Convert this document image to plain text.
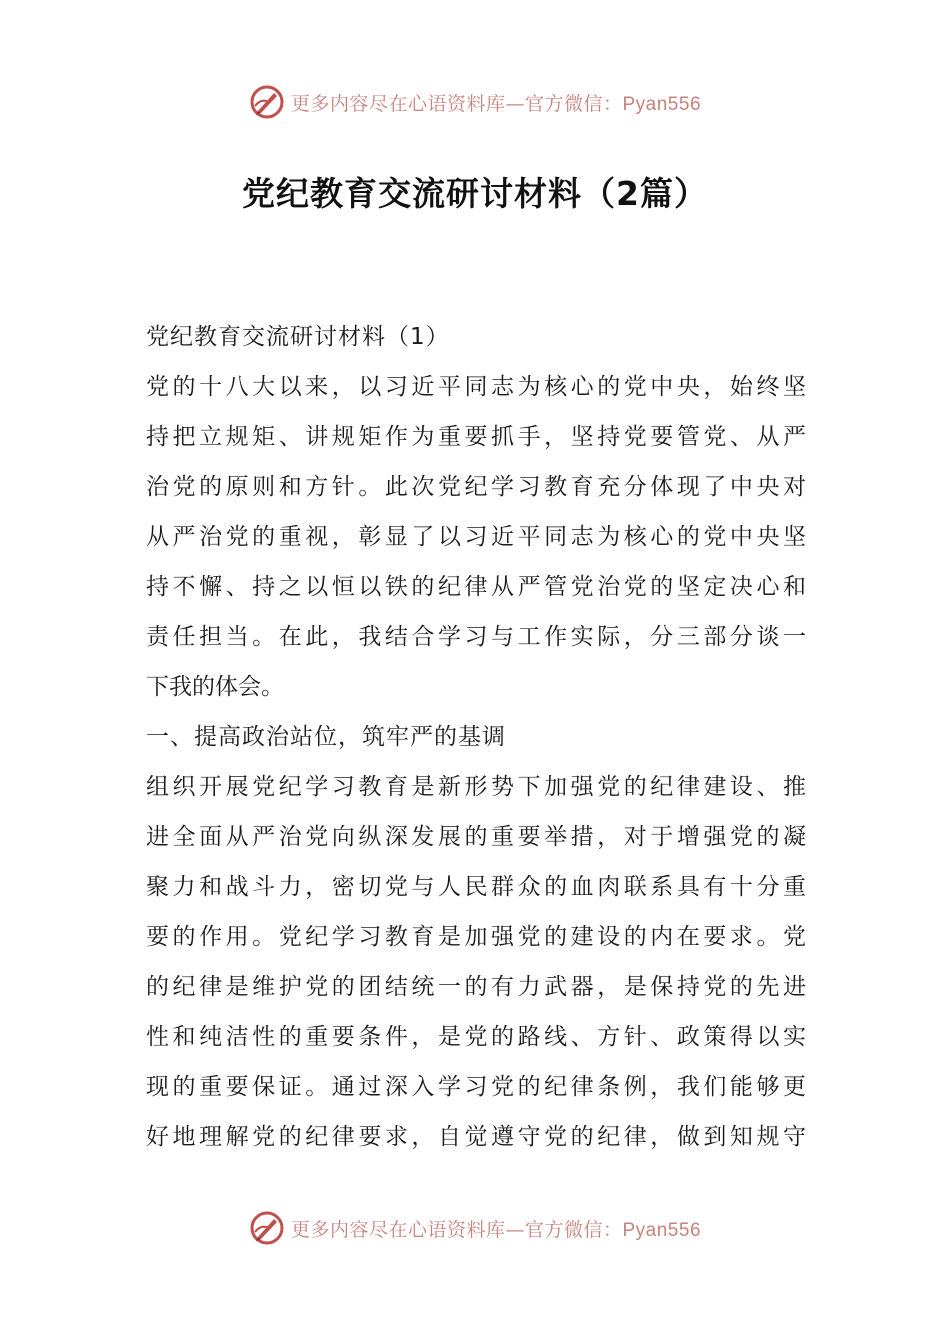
更多内容尽在心语资料库—官方微信：Pyan556
党纪教育交流研讨材料（2篇）
党纪教育交流研讨材料（1）
党的十八大以来，以习近平同志为核心的党中央，始终坚
持把立规矩、讲规矩作为重要抓手，坚持党要管党、从严
治党的原则和方针。此次党纪学习教育充分体现了中央对
从严治党的重视，彰显了以习近平同志为核心的党中央坚
持不懈、持之以恒以铁的纪律从严管党治党的坚定决心和
责任担当。在此，我结合学习与工作实际，分三部分谈一
下我的体会。
一、提高政治站位，筑牢严的基调
组织开展党纪学习教育是新形势下加强党的纪律建设、推
进全面从严治党向纵深发展的重要举措，对于增强党的凝
聚力和战斗力，密切党与人民群众的血肉联系具有十分重
要的作用。党纪学习教育是加强党的建设的内在要求。党
的纪律是维护党的团结统一的有力武器，是保持党的先进
性和纯洁性的重要条件，是党的路线、方针、政策得以实
现的重要保证。通过深入学习党的纪律条例，我们能够更
好地理解党的纪律要求，自觉遵守党的纪律，做到知规守
更多内容尽在心语资料库—官方微信：Pyan556
